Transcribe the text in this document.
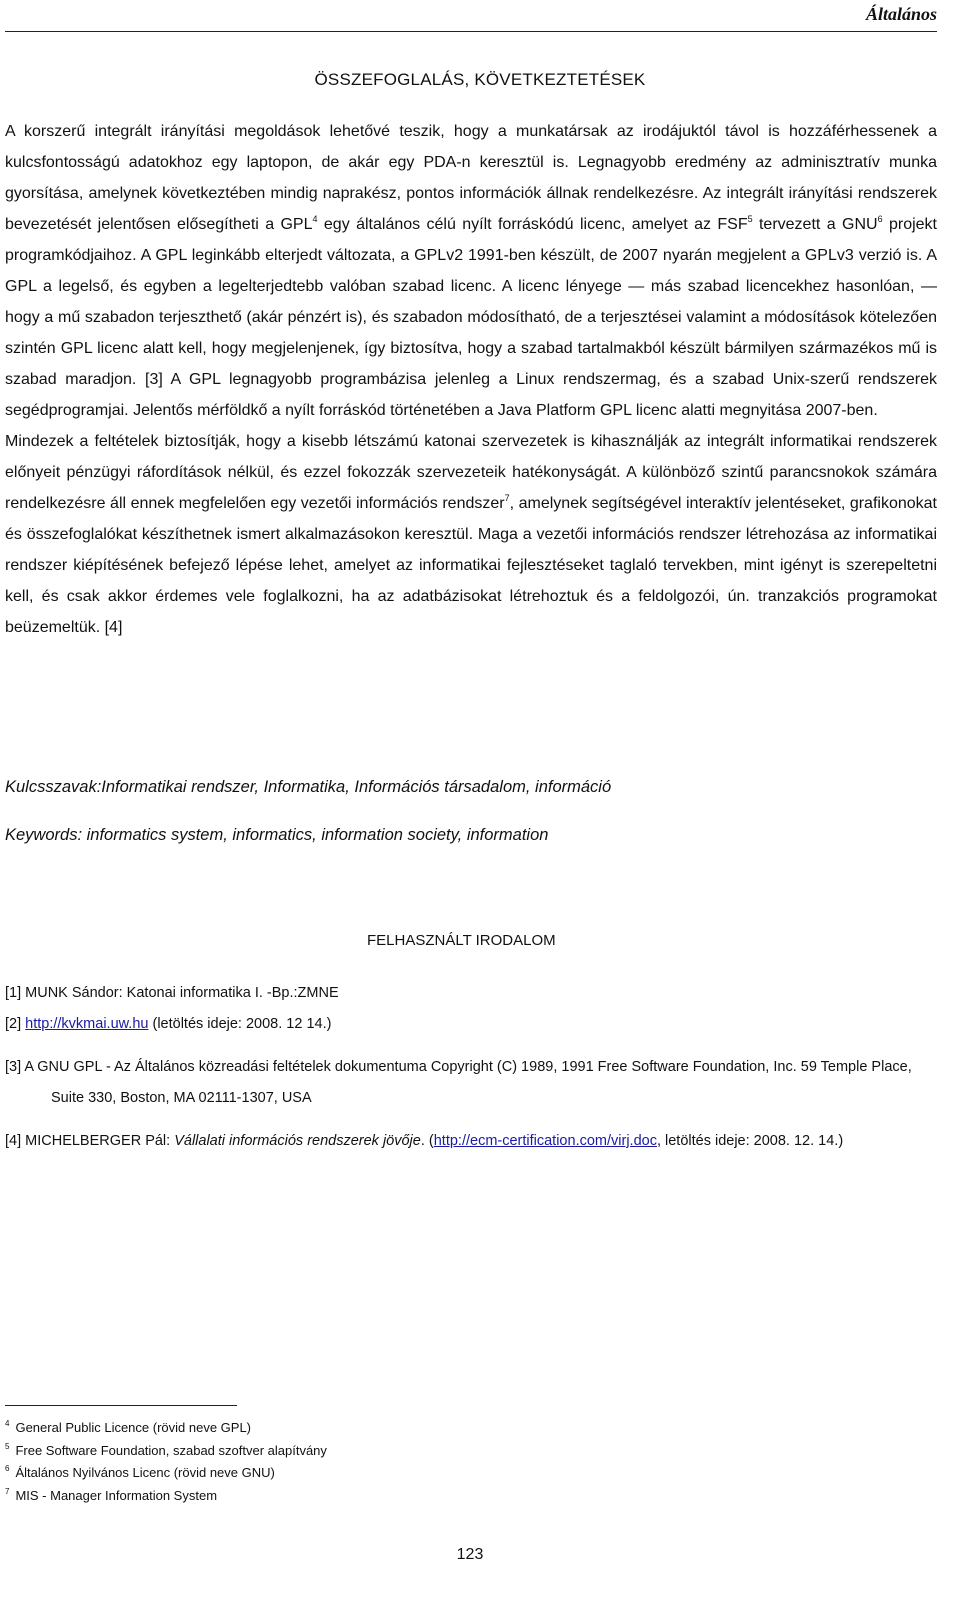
Általános
ÖSSZEFOGLALÁS, KÖVETKEZTETÉSEK

A korszerű integrált irányítási megoldások lehetővé teszik, hogy a munkatársak az irodájuktól távol is hozzáférhessenek a kulcsfontosságú adatokhoz egy laptopon, de akár egy PDA-n keresztül is. Legnagyobb eredmény az adminisztratív munka gyorsítása, amelynek következtében mindig naprakész, pontos információk állnak rendelkezésre. Az integrált irányítási rendszerek bevezetését jelentősen elősegítheti a GPL$^4$ egy általános célú nyílt forráskódú licenc, amelyet az FSF$^5$ tervezett a GNU$^6$ projekt programkódjaihoz. A GPL leginkább elterjedt változata, a GPLv2 1991-ben készült, de 2007 nyarán megjelent a GPLv3 verzió is. A GPL a legelső, és egyben a legelterjedtebb valóban szabad licenc. A licenc lényege — más szabad licencekhez hasonlóan, — hogy a mű szabadon terjeszthető (akár pénzért is), és szabadon módosítható, de a terjesztései valamint a módosítások kötelezően szintén GPL licenc alatt kell, hogy megjelenjenek, így biztosítva, hogy a szabad tartalmakból készült bármilyen származékos mű is szabad maradjon. [3] A GPL legnagyobb programbázisa jelenleg a Linux rendszermag, és a szabad Unix-szerű rendszerek segédprogramjai. Jelentős mérföldkő a nyílt forráskód történetében a Java Platform GPL licenc alatti megnyitása 2007-ben.

Mindezek a feltételek biztosítják, hogy a kisebb létszámú katonai szervezetek is kihasználják az integrált informatikai rendszerek előnyeit pénzügyi ráfordítások nélkül, és ezzel fokozzák szervezeteik hatékonyságát. A különböző szintű parancsnokok számára rendelkezésre áll ennek megfelelően egy vezetői információs rendszer$^7$, amelynek segítségével interaktív jelentéseket, grafikonokat és összefoglalókat készíthetnek ismert alkalmazásokon keresztül. Maga a vezetői információs rendszer létrehozása az informatikai rendszer kiépítésének befejező lépése lehet, amelyet az informatikai fejlesztéseket taglaló tervekben, mint igényt is szerepeltetni kell, és csak akkor érdemes vele foglalkozni, ha az adatbázisokat létrehoztuk és a feldolgozói, ún. tranzakciós programokat beüzemeltük. [4]

Kulcsszavak:Informatikai rendszer, Informatika, Információs társadalom, információ
Keywords: informatics system, informatics, information society, information
FELHASZNÁLT IRODALOM
[1] MUNK Sándor: Katonai informatika I. -Bp.:ZMNE
[2] http://kvkmai.uw.hu (letöltés ideje: 2008. 12 14.)
[3] A GNU GPL - Az Általános közreadási feltételek dokumentuma Copyright (C) 1989, 1991 Free Software Foundation, Inc. 59 Temple Place, Suite 330, Boston, MA 02111-1307, USA
[4] MICHELBERGER Pál: Vállalati információs rendszerek jövője. (http://ecm-certification.com/virj.doc, letöltés ideje: 2008. 12. 14.)
$^4$ General Public Licence (rövid neve GPL)
$^5$ Free Software Foundation, szabad szoftver alapítvány
$^6$ Általános Nyilvános Licenc (rövid neve GNU)
$^7$ MIS - Manager Information System
123
